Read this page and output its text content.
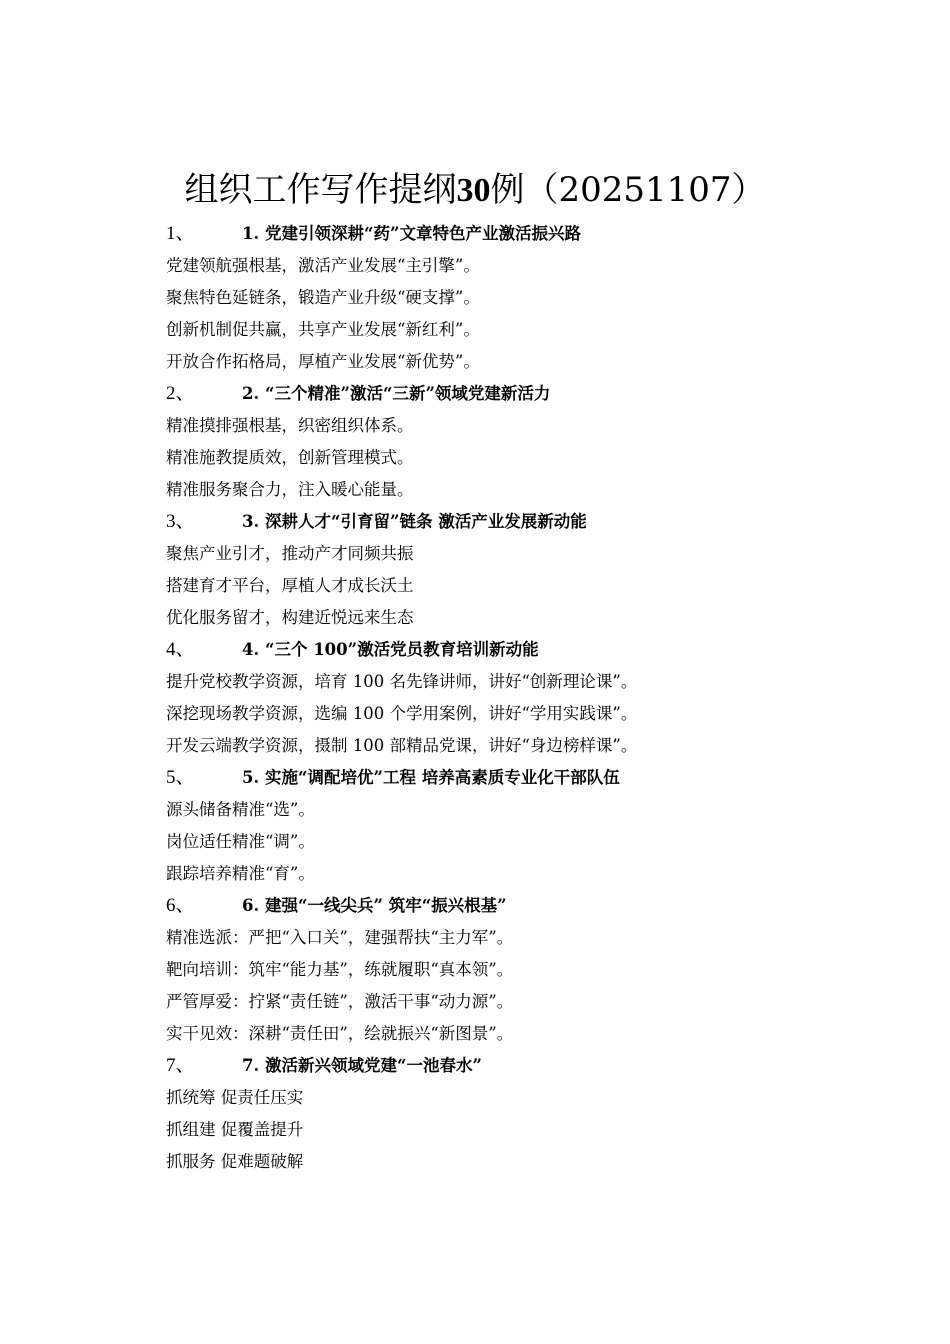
组织工作写作提纲30例（20251107）
1、	1. 党建引领深耕“药”文章特色产业激活振兴路
党建领航强根基，激活产业发展“主引擎”。
聚焦特色延链条，锻造产业升级“硬支撑”。
创新机制促共赢，共享产业发展“新红利”。
开放合作拓格局，厚植产业发展“新优势”。
2、	2. “三个精准”激活“三新”领域党建新活力
精准摸排强根基，织密组织体系。
精准施教提质效，创新管理模式。
精准服务聚合力，注入暖心能量。
3、	3. 深耕人才“引育留”链条 激活产业发展新动能
聚焦产业引才，推动产才同频共振
搭建育才平台，厚植人才成长沃土
优化服务留才，构建近悦远来生态
4、	4. “三个 100”激活党员教育培训新动能
提升党校教学资源，培育 100 名先锋讲师，讲好“创新理论课”。
深挖现场教学资源，选编 100 个学用案例，讲好“学用实践课”。
开发云端教学资源，摄制 100 部精品党课，讲好“身边榜样课”。
5、	5. 实施“调配培优”工程 培养高素质专业化干部队伍
源头储备精准“选”。
岗位适任精准“调”。
跟踪培养精准“育”。
6、	6. 建强“一线尖兵” 筑牢“振兴根基”
精准选派：严把“入口关”，建强帮扶“主力军”。
靶向培训：筑牢“能力基”，练就履职“真本领”。
严管厚爱：拧紧“责任链”，激活干事“动力源”。
实干见效：深耕“责任田”，绘就振兴“新图景”。
7、	7. 激活新兴领域党建“一池春水”
抓统筹 促责任压实
抓组建 促覆盖提升
抓服务 促难题破解
